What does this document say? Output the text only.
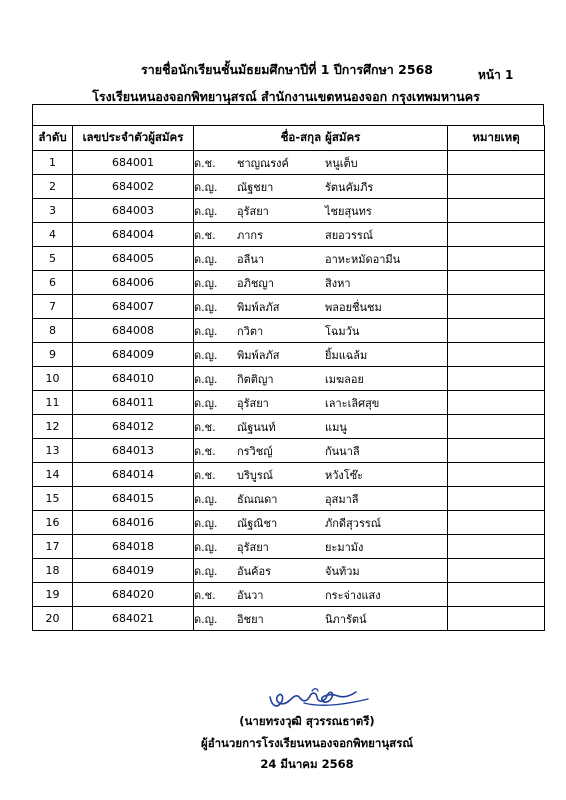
รายชื่อนักเรียนชั้นมัธยมศึกษาปีที่ 1 ปีการศึกษา 2568	หน้า 1
โรงเรียนหนองจอกพิทยานุสรณ์ สำนักงานเขตหนองจอก กรุงเทพมหานคร
ลำดับ	เลขประจำตัวผู้สมัคร	ชื่อ-สกุล ผู้สมัคร	หมายเหตุ
1	684001	ด.ช. ชาญณรงค์ หนูเต็บ	
2	684002	ด.ญ. ณัฐชยา รัตนคัมภีร	
3	684003	ด.ญ. อุรัสยา ไชยสุนทร	
4	684004	ด.ช. ภากร สยอวรรณ์	
5	684005	ด.ญ. อลีนา อาหะหมัดอามีน	
6	684006	ด.ญ. อภิชญา สิงหา	
7	684007	ด.ญ. พิมพ์ลภัส พลอยชื่นชม	
8	684008	ด.ญ. กวิตา โฉมวัน	
9	684009	ด.ญ. พิมพ์ลภัส ยิ้มแฉล้ม	
10	684010	ด.ญ. กิตติญา เมฆลอย	
11	684011	ด.ญ. อุรัสยา เลาะเลิศสุข	
12	684012	ด.ช. ณัฐนนท์ แมนู	
13	684013	ด.ช. กรวิชญ์ กันนาลี	
14	684014	ด.ช. บริบูรณ์ หวังโซ๊ะ	
15	684015	ด.ญ. ธัณณดา อุสมาลี	
16	684016	ด.ญ. ณัฐณิชา ภักดีสุวรรณ์	
17	684018	ด.ญ. อุรัสยา ยะมามัง	
18	684019	ด.ญ. อันค้อร จันท้วม	
19	684020	ด.ช. อันวา กระจ่างแสง	
20	684021	ด.ญ. อิชยา นิภารัตน์	
(นายทรงวุฒิ สุวรรณธาตรี)
ผู้อำนวยการโรงเรียนหนองจอกพิทยานุสรณ์
24 มีนาคม 2568
